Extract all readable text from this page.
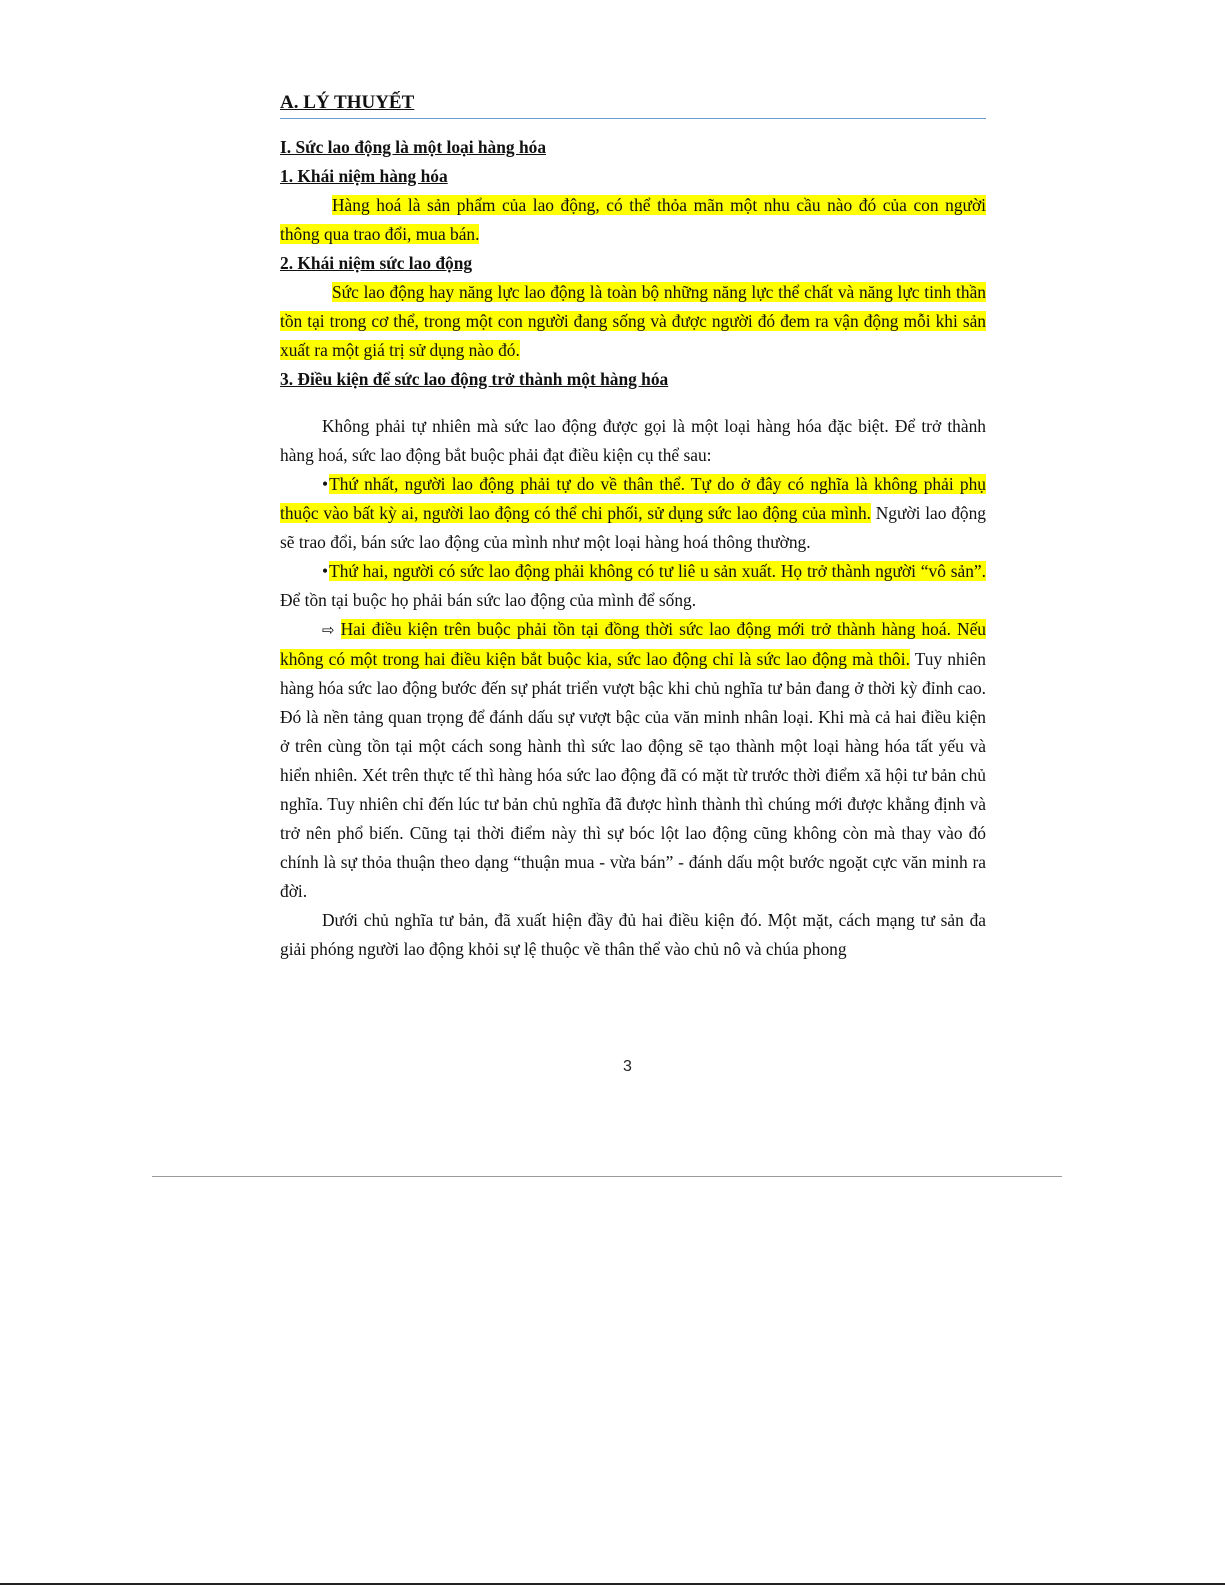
A. LÝ THUYẾT
I. Sức lao động là một loại hàng hóa
1. Khái niệm hàng hóa

Hàng hoá là sản phẩm của lao động, có thể thỏa mãn một nhu cầu nào đó của con người thông qua trao đổi, mua bán.

2. Khái niệm sức lao động

Sức lao động hay năng lực lao động là toàn bộ những năng lực thể chất và năng lực tinh thần tồn tại trong cơ thể, trong một con người đang sống và được người đó đem ra vận động mỗi khi sản xuất ra một giá trị sử dụng nào đó.

3. Điều kiện để sức lao động trở thành một hàng hóa

Không phải tự nhiên mà sức lao động được gọi là một loại hàng hóa đặc biệt. Để trở thành hàng hoá, sức lao động bắt buộc phải đạt điều kiện cụ thể sau:

•Thứ nhất, người lao động phải tự do về thân thể. Tự do ở đây có nghĩa là không phải phụ thuộc vào bất kỳ ai, người lao động có thể chi phối, sử dụng sức lao động của mình. Người lao động sẽ trao đổi, bán sức lao động của mình như một loại hàng hoá thông thường.

•Thứ hai, người có sức lao động phải không có tư liê u sản xuất. Họ trở thành người “vô sản”. Để tồn tại buộc họ phải bán sức lao động của mình để sống.

⇨ Hai điều kiện trên buộc phải tồn tại đồng thời sức lao động mới trở thành hàng hoá. Nếu không có một trong hai điều kiện bắt buộc kia, sức lao động chỉ là sức lao động mà thôi. Tuy nhiên hàng hóa sức lao động bước đến sự phát triển vượt bậc khi chủ nghĩa tư bản đang ở thời kỳ đỉnh cao. Đó là nền tảng quan trọng để đánh dấu sự vượt bậc của văn minh nhân loại. Khi mà cả hai điều kiện ở trên cùng tồn tại một cách song hành thì sức lao động sẽ tạo thành một loại hàng hóa tất yếu và hiển nhiên. Xét trên thực tế thì hàng hóa sức lao động đã có mặt từ trước thời điểm xã hội tư bản chủ nghĩa. Tuy nhiên chỉ đến lúc tư bản chủ nghĩa đã được hình thành thì chúng mới được khẳng định và trở nên phổ biến. Cũng tại thời điểm này thì sự bóc lột lao động cũng không còn mà thay vào đó chính là sự thỏa thuận theo dạng “thuận mua - vừa bán” - đánh dấu một bước ngoặt cực văn minh ra đời.

Dưới chủ nghĩa tư bản, đã xuất hiện đầy đủ hai điều kiện đó. Một mặt, cách mạng tư sản đa giải phóng người lao động khỏi sự lệ thuộc về thân thể vào chủ nô và chúa phong

3
